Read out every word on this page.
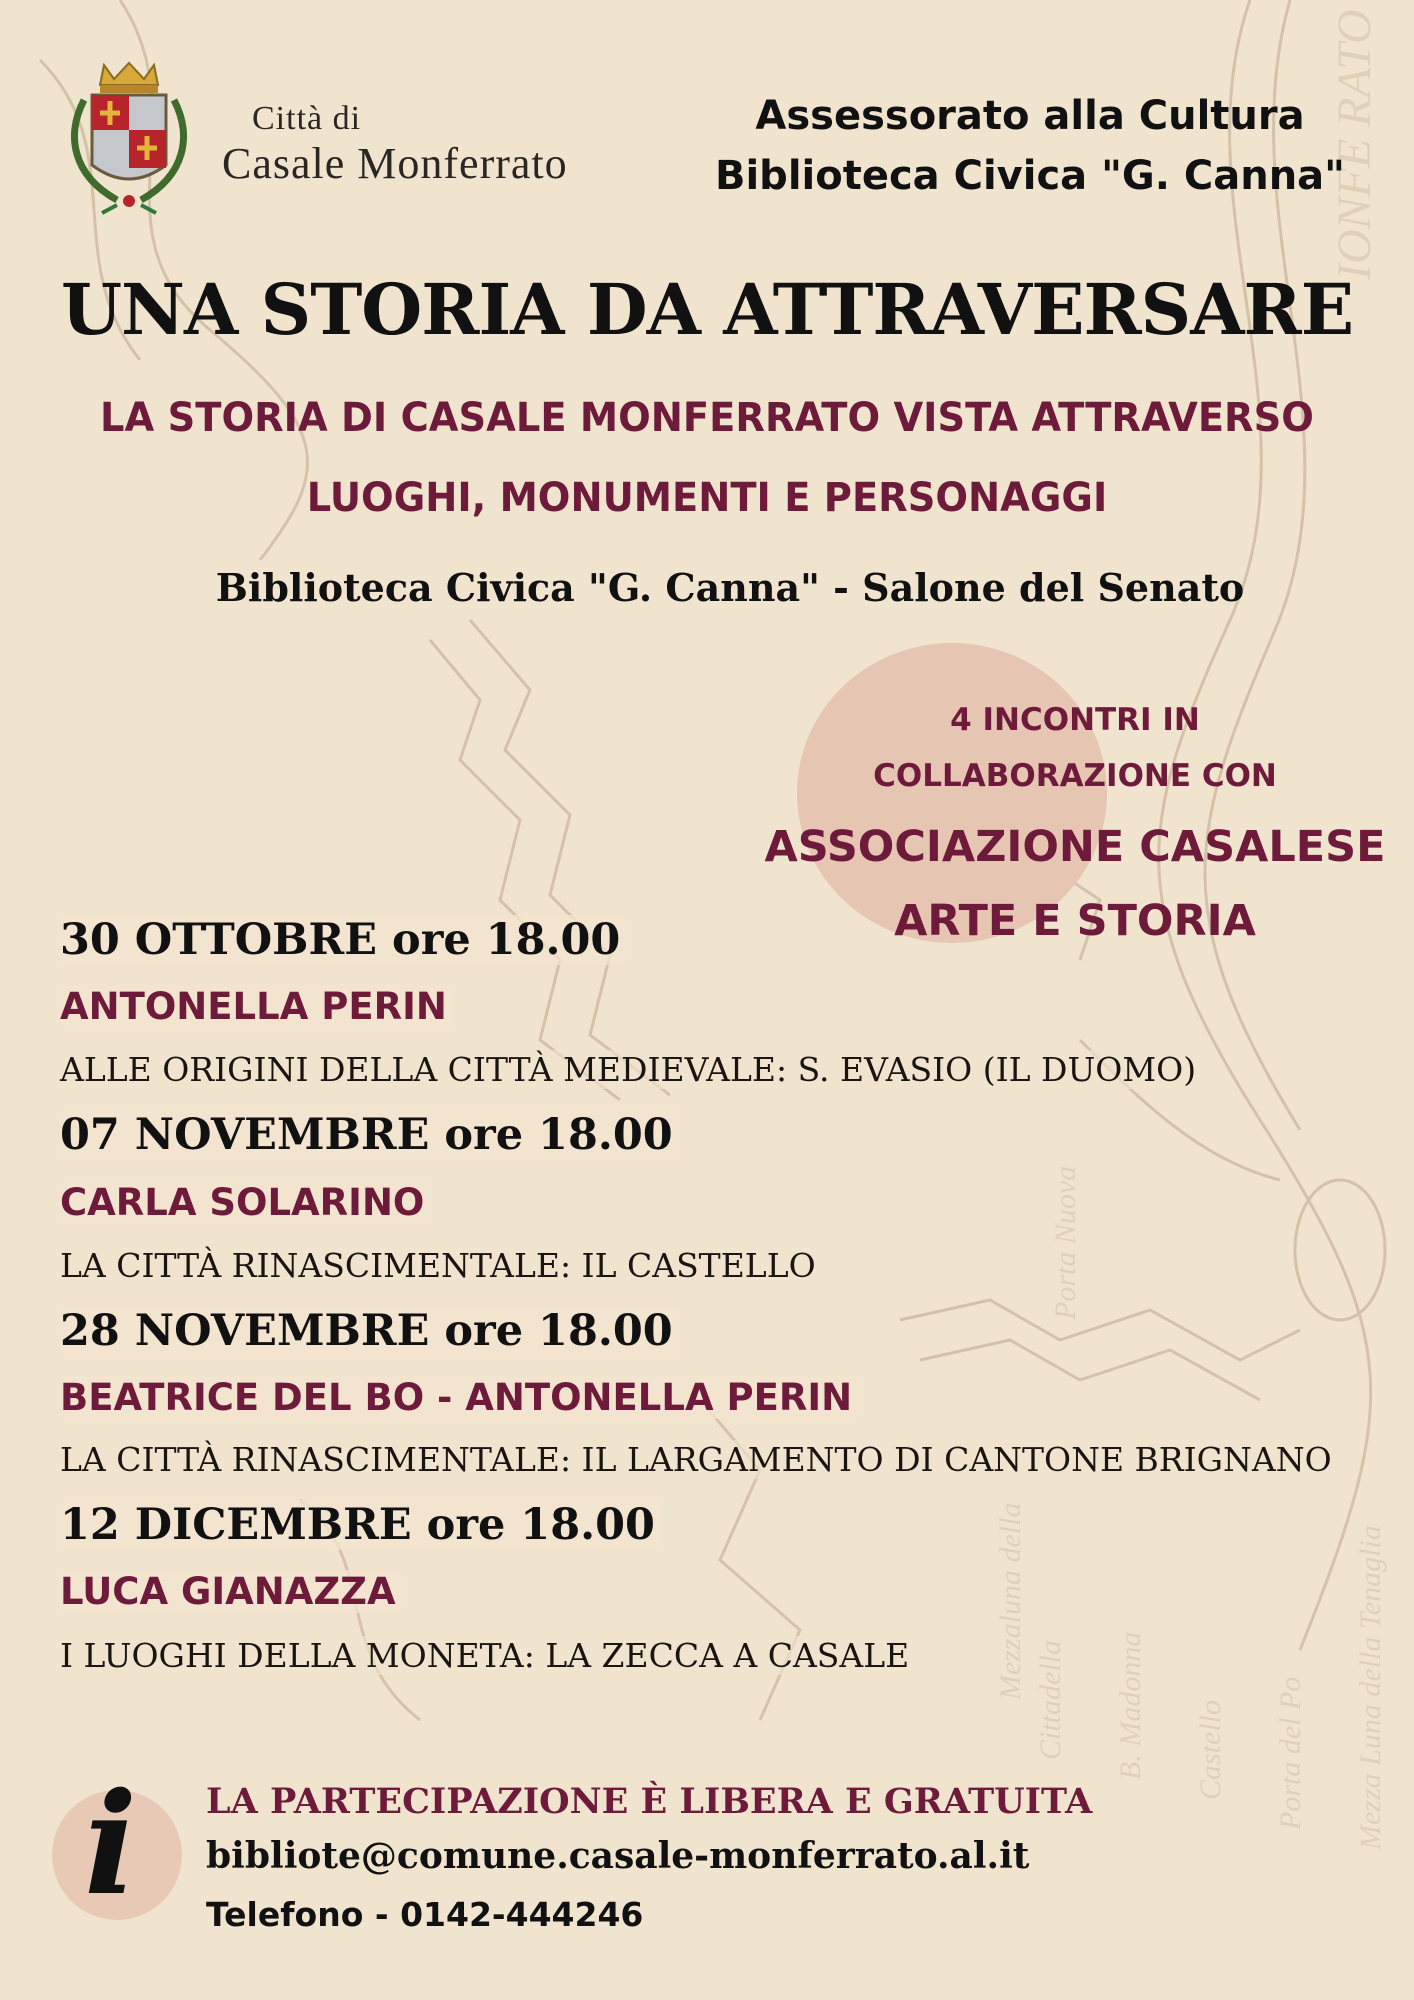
Mezzaluna della Cittadella B. Madonna Castello Porta del Po Mezza Luna della Tenaglia
Porta Nuova
IONFE RATO
Città di
Casale Monferrato
Assessorato alla Cultura
Biblioteca Civica "G. Canna"
UNA STORIA DA ATTRAVERSARE
LA STORIA DI CASALE MONFERRATO VISTA ATTRAVERSO
LUOGHI, MONUMENTI E PERSONAGGI
Biblioteca Civica "G. Canna" - Salone del Senato
4 INCONTRI IN
COLLABORAZIONE CON
ASSOCIAZIONE CASALESE
ARTE E STORIA
30 OTTOBRE ore 18.00
ANTONELLA PERIN
ALLE ORIGINI DELLA CITTÀ MEDIEVALE: S. EVASIO (IL DUOMO)
07 NOVEMBRE ore 18.00
CARLA SOLARINO
LA CITTÀ RINASCIMENTALE: IL CASTELLO
28 NOVEMBRE ore 18.00
BEATRICE DEL BO - ANTONELLA PERIN
LA CITTÀ RINASCIMENTALE: IL LARGAMENTO DI CANTONE BRIGNANO
12 DICEMBRE ore 18.00
LUCA GIANAZZA
I LUOGHI DELLA MONETA: LA ZECCA A CASALE
i LA PARTECIPAZIONE È LIBERA E GRATUITA
bibliote@comune.casale-monferrato.al.it
Telefono - 0142-444246
